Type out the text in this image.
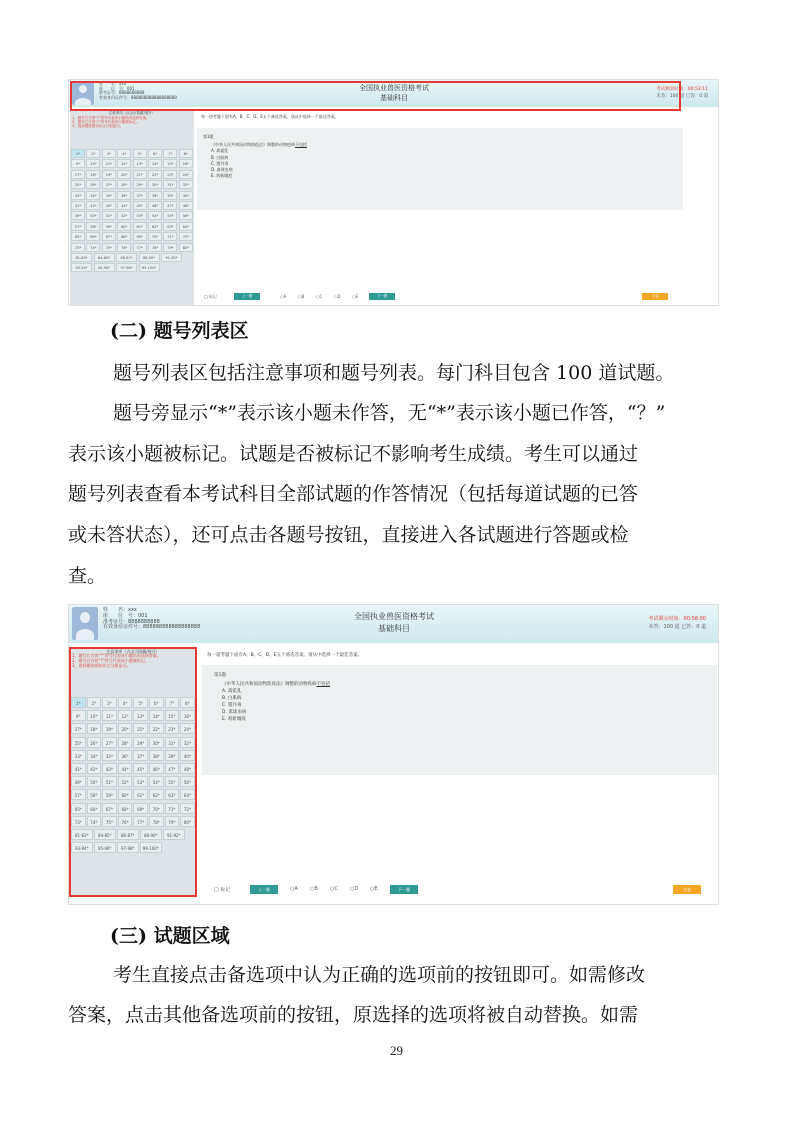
姓　　名：xxx
座　　位　号：001
准考证号：8888888888
有效身份证件号：888888888888888888
全国执业兽医资格考试
基础科目
考试剩余时间：00:53:11
未答：100 道 已答：0 道
注意事项（点击可隐藏/展开）
1、题号右方的“*”符号代表该小题尚未选择答案。
2、题号右方的“?”符号代表该小题被标记。
3、选择题按照知识点分组显示。
1*	2*	3*	4*	5*	6*	7*	8*
9*	10*	11*	12*	13*	14*	15*	16*
17*	18*	19*	20*	21*	22*	23*	24*
25*	26*	27*	28*	29*	30*	31*	32*
33*	34*	35*	36*	37*	38*	39*	40*
41*	42*	43*	44*	45*	46*	47*	48*
49*	50*	51*	52*	53*	54*	55*	56*
57*	58*	59*	60*	61*	62*	63*	64*
65*	66*	67*	68*	69*	70*	71*	72*
73*	74*	75*	76*	77*	78*	79*	80*
81-83*	84-85*	86-87*	88-90*	91-92*
93-94*	95-96*	97-98*	99-100*
每一道考题下面有A、B、C、D、E五个备选答案。请从中选择一个最佳答案。
第1题
《中华人民共和国动物防疫法》调整的动物疫病不包括
A. 禽霍乱
B. 白肌病
C. 猪丹毒
D. 禽球虫病
E. 鸡新城疫
□ 标记	上一题	○A	○B	○C	○D	○E	下一题	交卷
(二) 题号列表区
题号列表区包括注意事项和题号列表。每门科目包含 100 道试题。
题号旁显示“*”表示该小题未作答，无“*”表示该小题已作答，“？”
表示该小题被标记。试题是否被标记不影响考生成绩。考生可以通过
题号列表查看本考试科目全部试题的作答情况（包括每道试题的已答
或未答状态），还可点击各题号按钮，直接进入各试题进行答题或检
查。
姓　　名：xxx
座　　位　号：001
准考证号：8888888888
有效身份证件号：888888888888888888
全国执业兽医资格考试
基础科目
考试剩余时间：00:58:00
未答：100 道 已答：0 道
注意事项（点击可隐藏/展开）
1、题号右方的“*”符号代表该小题尚未选择答案。
2、题号右方的“?”符号代表该小题被标记。
3、选择题按照知识点分组显示。
1*	2*	3*	4*	5*	6*	7*	8*
9*	10*	11*	12*	13*	14*	15*	16*
17*	18*	19*	20*	21*	22*	23*	24*
25*	26*	27*	28*	29*	30*	31*	32*
33*	34*	35*	36*	37*	38*	39*	40*
41*	42*	43*	44*	45*	46*	47*	48*
49*	50*	51*	52*	53*	54*	55*	56*
57*	58*	59*	60*	61*	62*	63*	64*
65*	66*	67*	68*	69*	70*	71*	72*
73*	74*	75*	76*	77*	78*	79*	80*
81-83*	84-85*	86-87*	88-90*	91-92*
93-94*	95-96*	97-98*	99-100*
每一道考题下面有A、B、C、D、E五个备选答案。请从中选择一个最佳答案。
第1题
《中华人民共和国动物防疫法》调整的动物疫病不包括
A. 禽霍乱
B. 白肌病
C. 猪丹毒
D. 禽球虫病
E. 鸡新城疫
□ 标记	上一题	○A ○B ○C ○D ○E	下一题	交卷
(三) 试题区域
考生直接点击备选项中认为正确的选项前的按钮即可。如需修改
答案，点击其他备选项前的按钮，原选择的选项将被自动替换。如需
29
